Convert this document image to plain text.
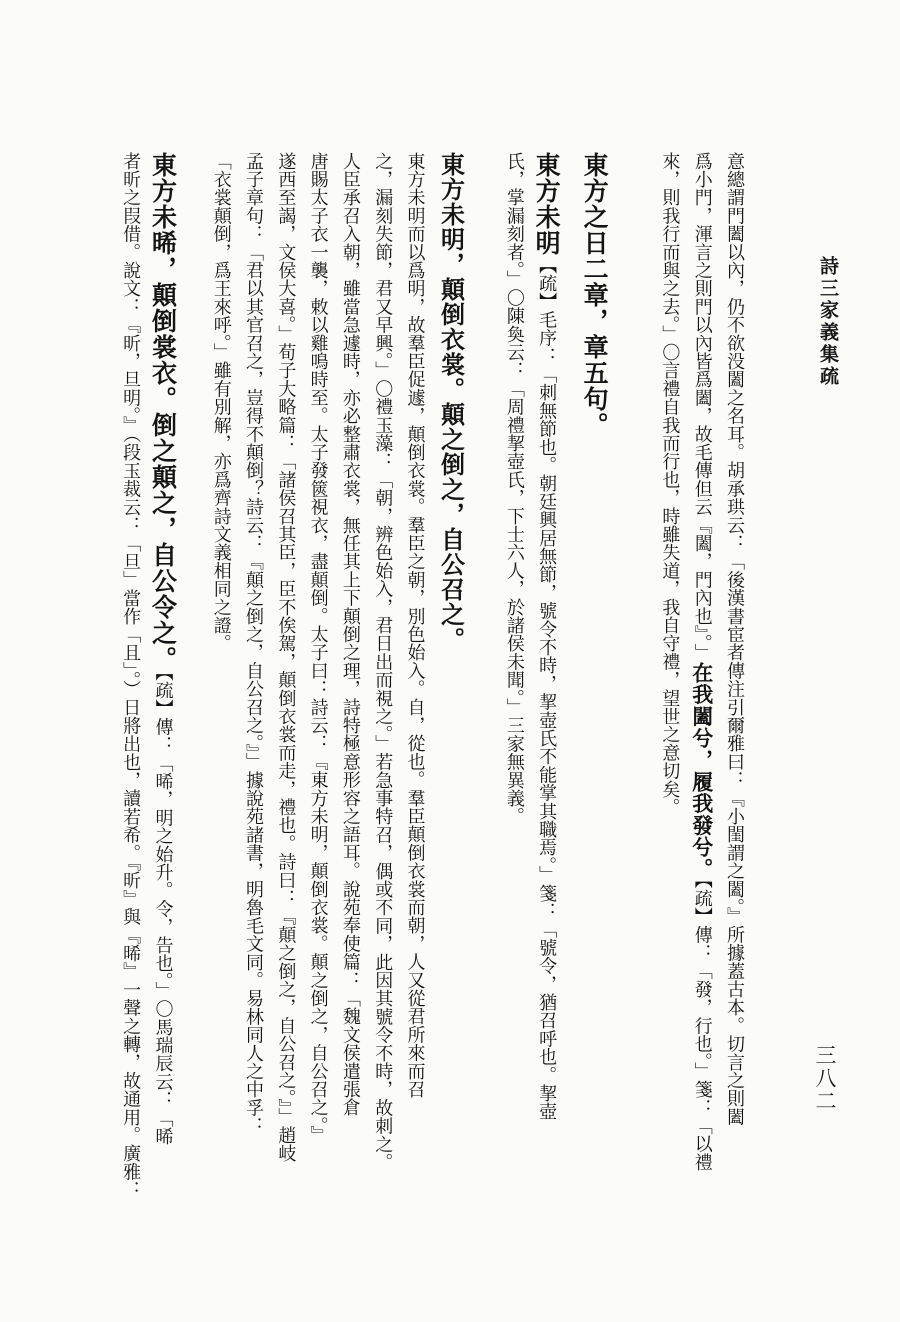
詩三家義集疏
三八二
意總謂門闔以內，仍不欲没闔之名耳。胡承珙云：「後漢書宦者傳注引爾雅曰：『小閨謂之闔。』所據蓋古本。切言之則闔
爲小門，渾言之則門以內皆爲闔，故毛傳但云『闔，門內也』。」在我闔兮，履我發兮。【疏】傳：「發，行也。」箋：「以禮
來，則我行而與之去。」〇言禮自我而行也，時雖失道，我自守禮，望世之意切矣。
東方之日二章，章五句。
東方未明【疏】毛序：「刺無節也。朝廷興居無節，號令不時，挈壺氏不能掌其職焉。」箋：「號令，猶召呼也。挈壺
氏，掌漏刻者。」〇陳奐云：「周禮挈壺氏，下士六人，於諸侯未聞。」三家無異義。
東方未明，顛倒衣裳。顛之倒之，自公召之。
東方未明而以爲明，故羣臣促遽，顛倒衣裳。羣臣之朝，別色始入。自，從也。羣臣顛倒衣裳而朝，人又從君所來而召
之，漏刻失節，君又早興。」〇禮玉藻：「朝，辨色始入，君日出而視之。」若急事特召，偶或不同，此因其號令不時，故刺之。
人臣承召入朝，雖當急遽時，亦必整肅衣裳，無任其上下顛倒之理，詩特極意形容之語耳。說苑奉使篇：「魏文侯遣張倉
唐賜太子衣一襲，敕以雞鳴時至。太子發篋視衣，盡顛倒。太子曰：詩云：『東方未明，顛倒衣裳。顛之倒之，自公召之。』
遂西至謁，文侯大喜。」荀子大略篇：「諸侯召其臣，臣不俟駕，顛倒衣裳而走，禮也。詩曰：『顛之倒之，自公召之。』」趙岐
孟子章句：「君以其官召之，豈得不顛倒？詩云：『顛之倒之，自公召之。』」據說苑諸書，明魯毛文同。易林同人之中孚：
「衣裳顛倒，爲王來呼。」雖有別解，亦爲齊詩文義相同之證。
東方未晞，顛倒裳衣。倒之顛之，自公令之。【疏】傳：「晞，明之始升。令，告也。」〇馬瑞辰云：「晞
者昕之叚借。說文：『昕，旦明。』（段玉裁云：「旦」當作「且」。）日將出也，讀若希。『昕』與『晞』一聲之轉，故通用。廣雅：
